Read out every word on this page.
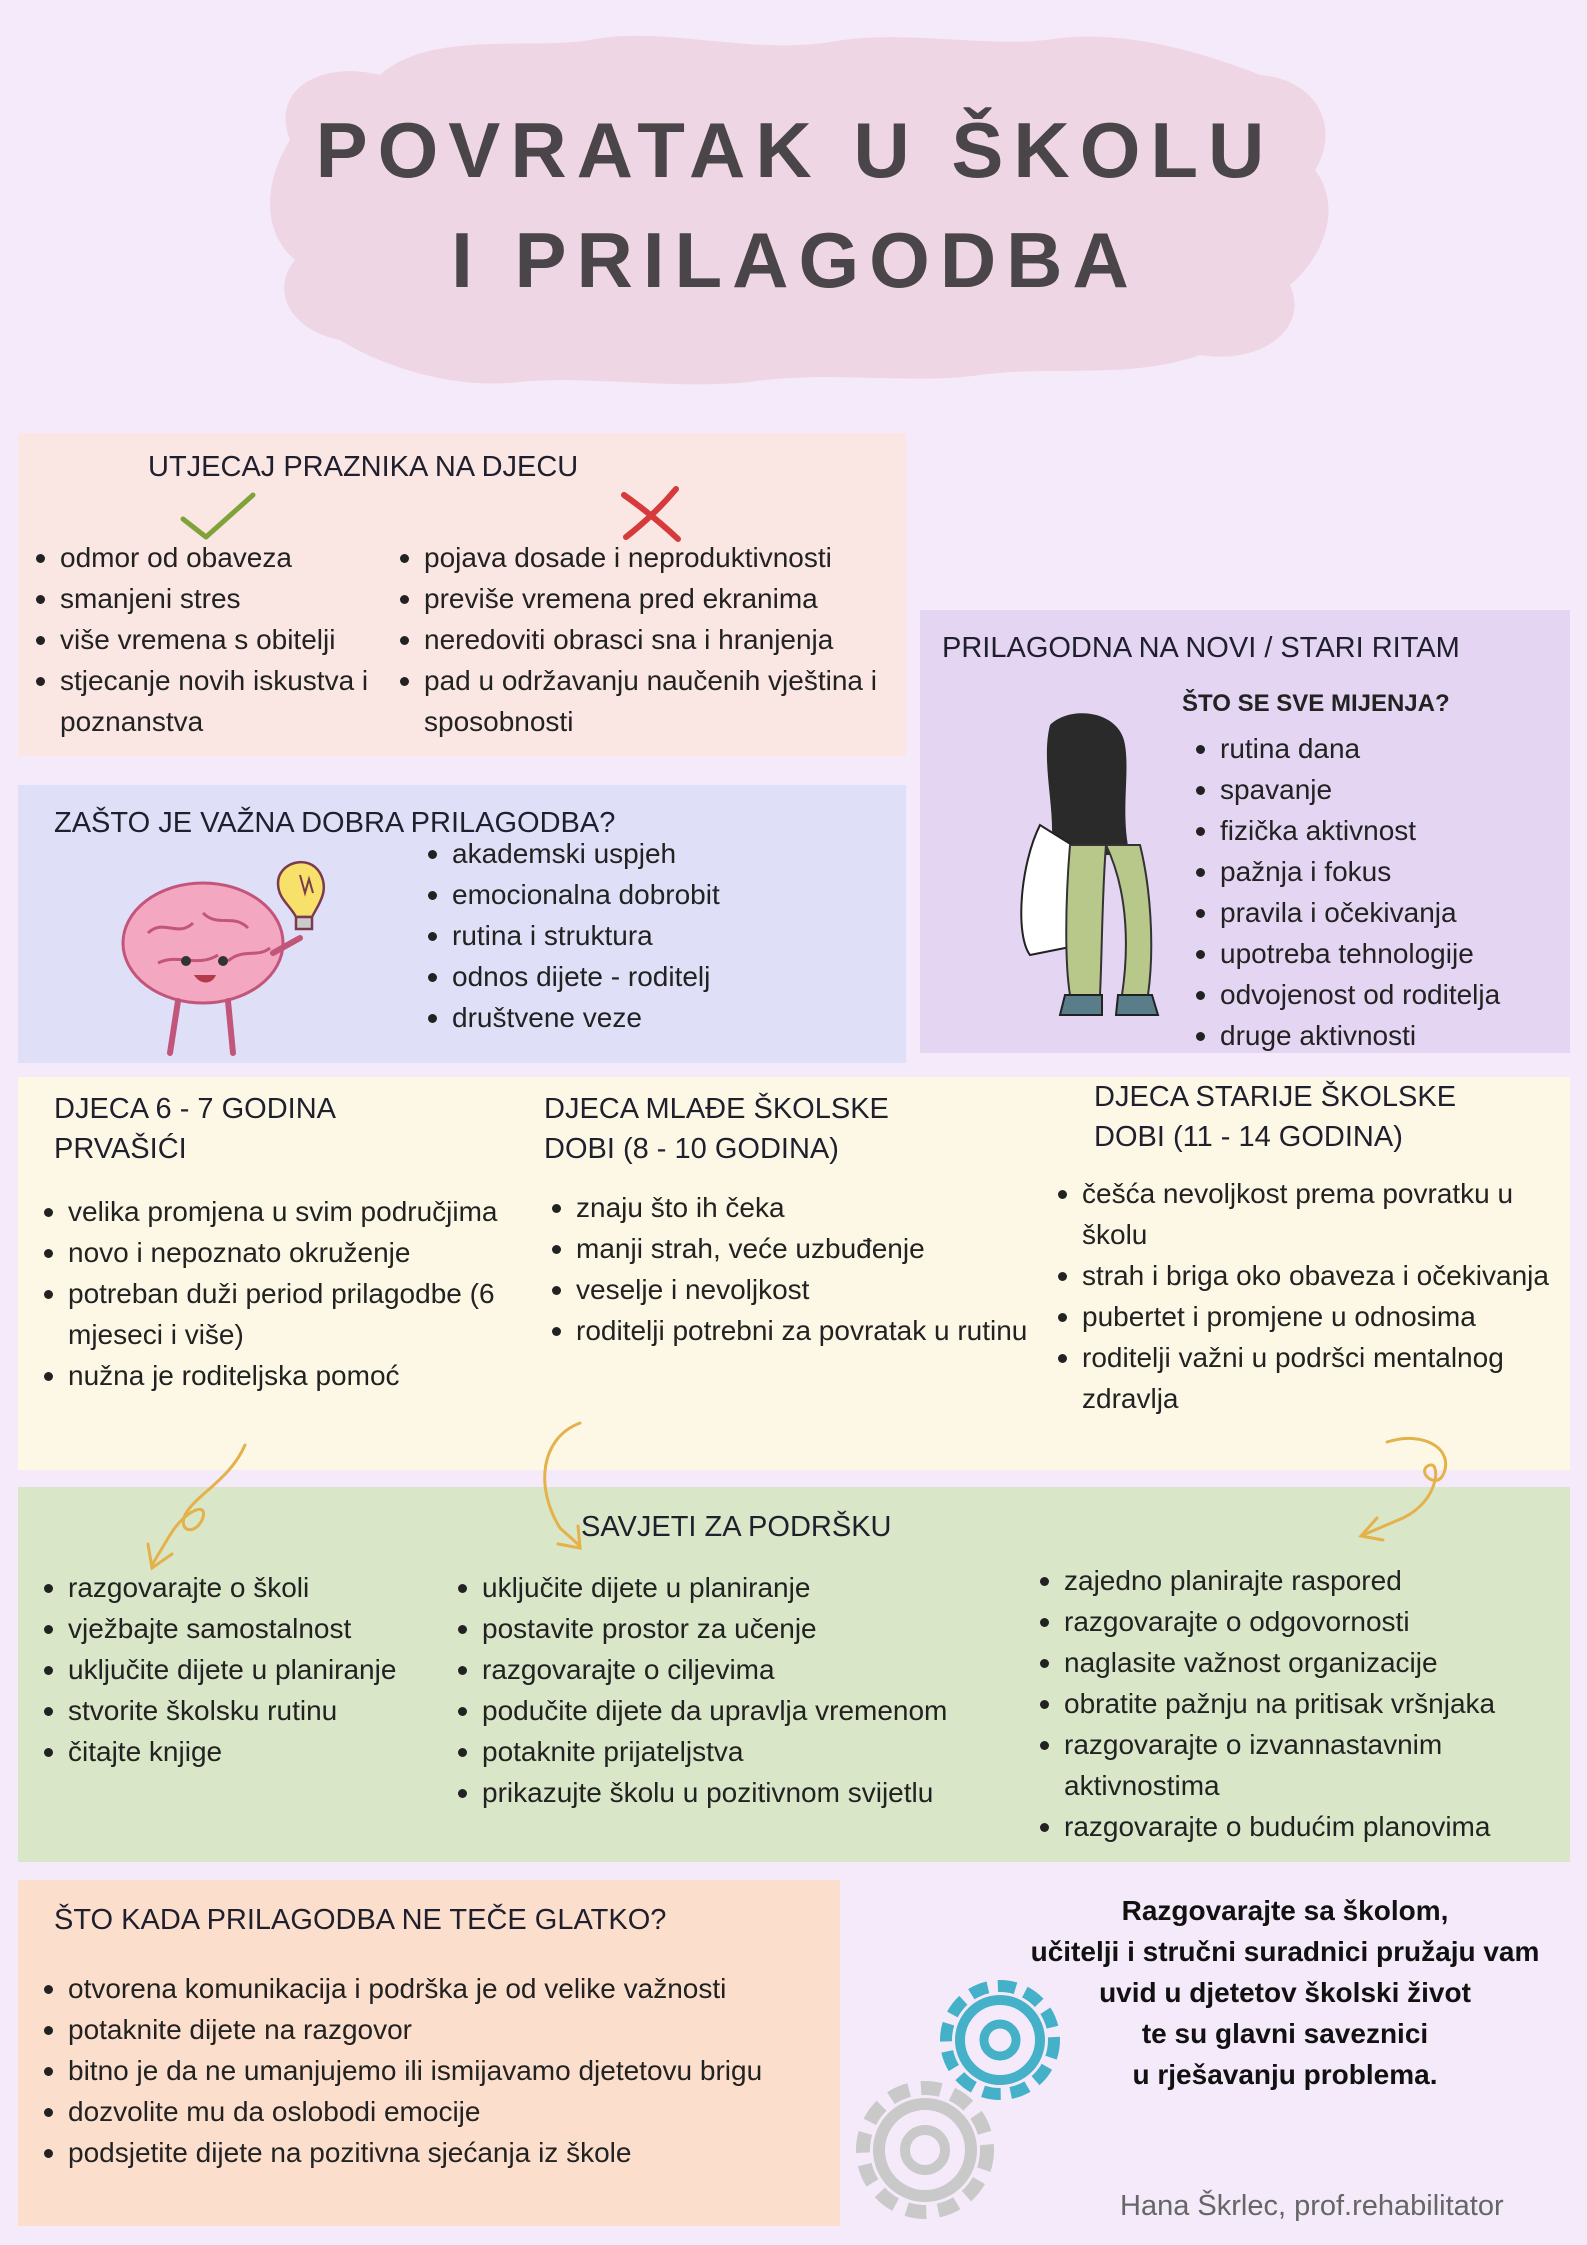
POVRATAK U ŠKOLU
I PRILAGODBA
UTJECAJ PRAZNIKA NA DJECU
odmor od obaveza
smanjeni stres
više vremena s obitelji
stjecanje novih iskustva i poznanstva
pojava dosade i neproduktivnosti
previše vremena pred ekranima
neredoviti obrasci sna i hranjenja
pad u održavanju naučenih vještina i sposobnosti
ZAŠTO JE VAŽNA DOBRA PRILAGODBA?
akademski uspjeh
emocionalna dobrobit
rutina i struktura
odnos dijete - roditelj
društvene veze
PRILAGODNA NA NOVI / STARI RITAM
ŠTO SE SVE MIJENJA?
rutina dana
spavanje
fizička aktivnost
pažnja i fokus
pravila i očekivanja
upotreba tehnologije
odvojenost od roditelja
druge aktivnosti
DJECA 6 - 7 GODINA PRVAŠIĆI
velika promjena u svim područjima
novo i nepoznato okruženje
potreban duži period prilagodbe (6 mjeseci i više)
nužna je roditeljska pomoć
DJECA MLAĐE ŠKOLSKE DOBI (8 - 10 GODINA)
znaju što ih čeka
manji strah, veće uzbuđenje
veselje i nevoljkost
roditelji potrebni za povratak u rutinu
DJECA STARIJE ŠKOLSKE DOBI (11 - 14 GODINA)
češća nevoljkost prema povratku u školu
strah i briga oko obaveza i očekivanja
pubertet i promjene u odnosima
roditelji važni u podršci mentalnog zdravlja
SAVJETI ZA PODRŠKU
razgovarajte o školi
vježbajte samostalnost
uključite dijete u planiranje
stvorite školsku rutinu
čitajte knjige
uključite dijete u planiranje
postavite prostor za učenje
razgovarajte o ciljevima
podučite dijete da upravlja vremenom
potaknite prijateljstva
prikazujte školu u pozitivnom svijetlu
zajedno planirajte raspored
razgovarajte o odgovornosti
naglasite važnost organizacije
obratite pažnju na pritisak vršnjaka
razgovarajte o izvannastavnim aktivnostima
razgovarajte o budućim planovima
ŠTO KADA PRILAGODBA NE TEČE GLATKO?
otvorena komunikacija i podrška je od velike važnosti
potaknite dijete na razgovor
bitno je da ne umanjujemo ili ismijavamo djetetovu brigu
dozvolite mu da oslobodi emocije
podsjetite dijete na pozitivna sjećanja iz škole
Razgovarajte sa školom,
učitelji i stručni suradnici pružaju vam
uvid u djetetov školski život
te su glavni saveznici
u rješavanju problema.
Hana Škrlec, prof.rehabilitator
